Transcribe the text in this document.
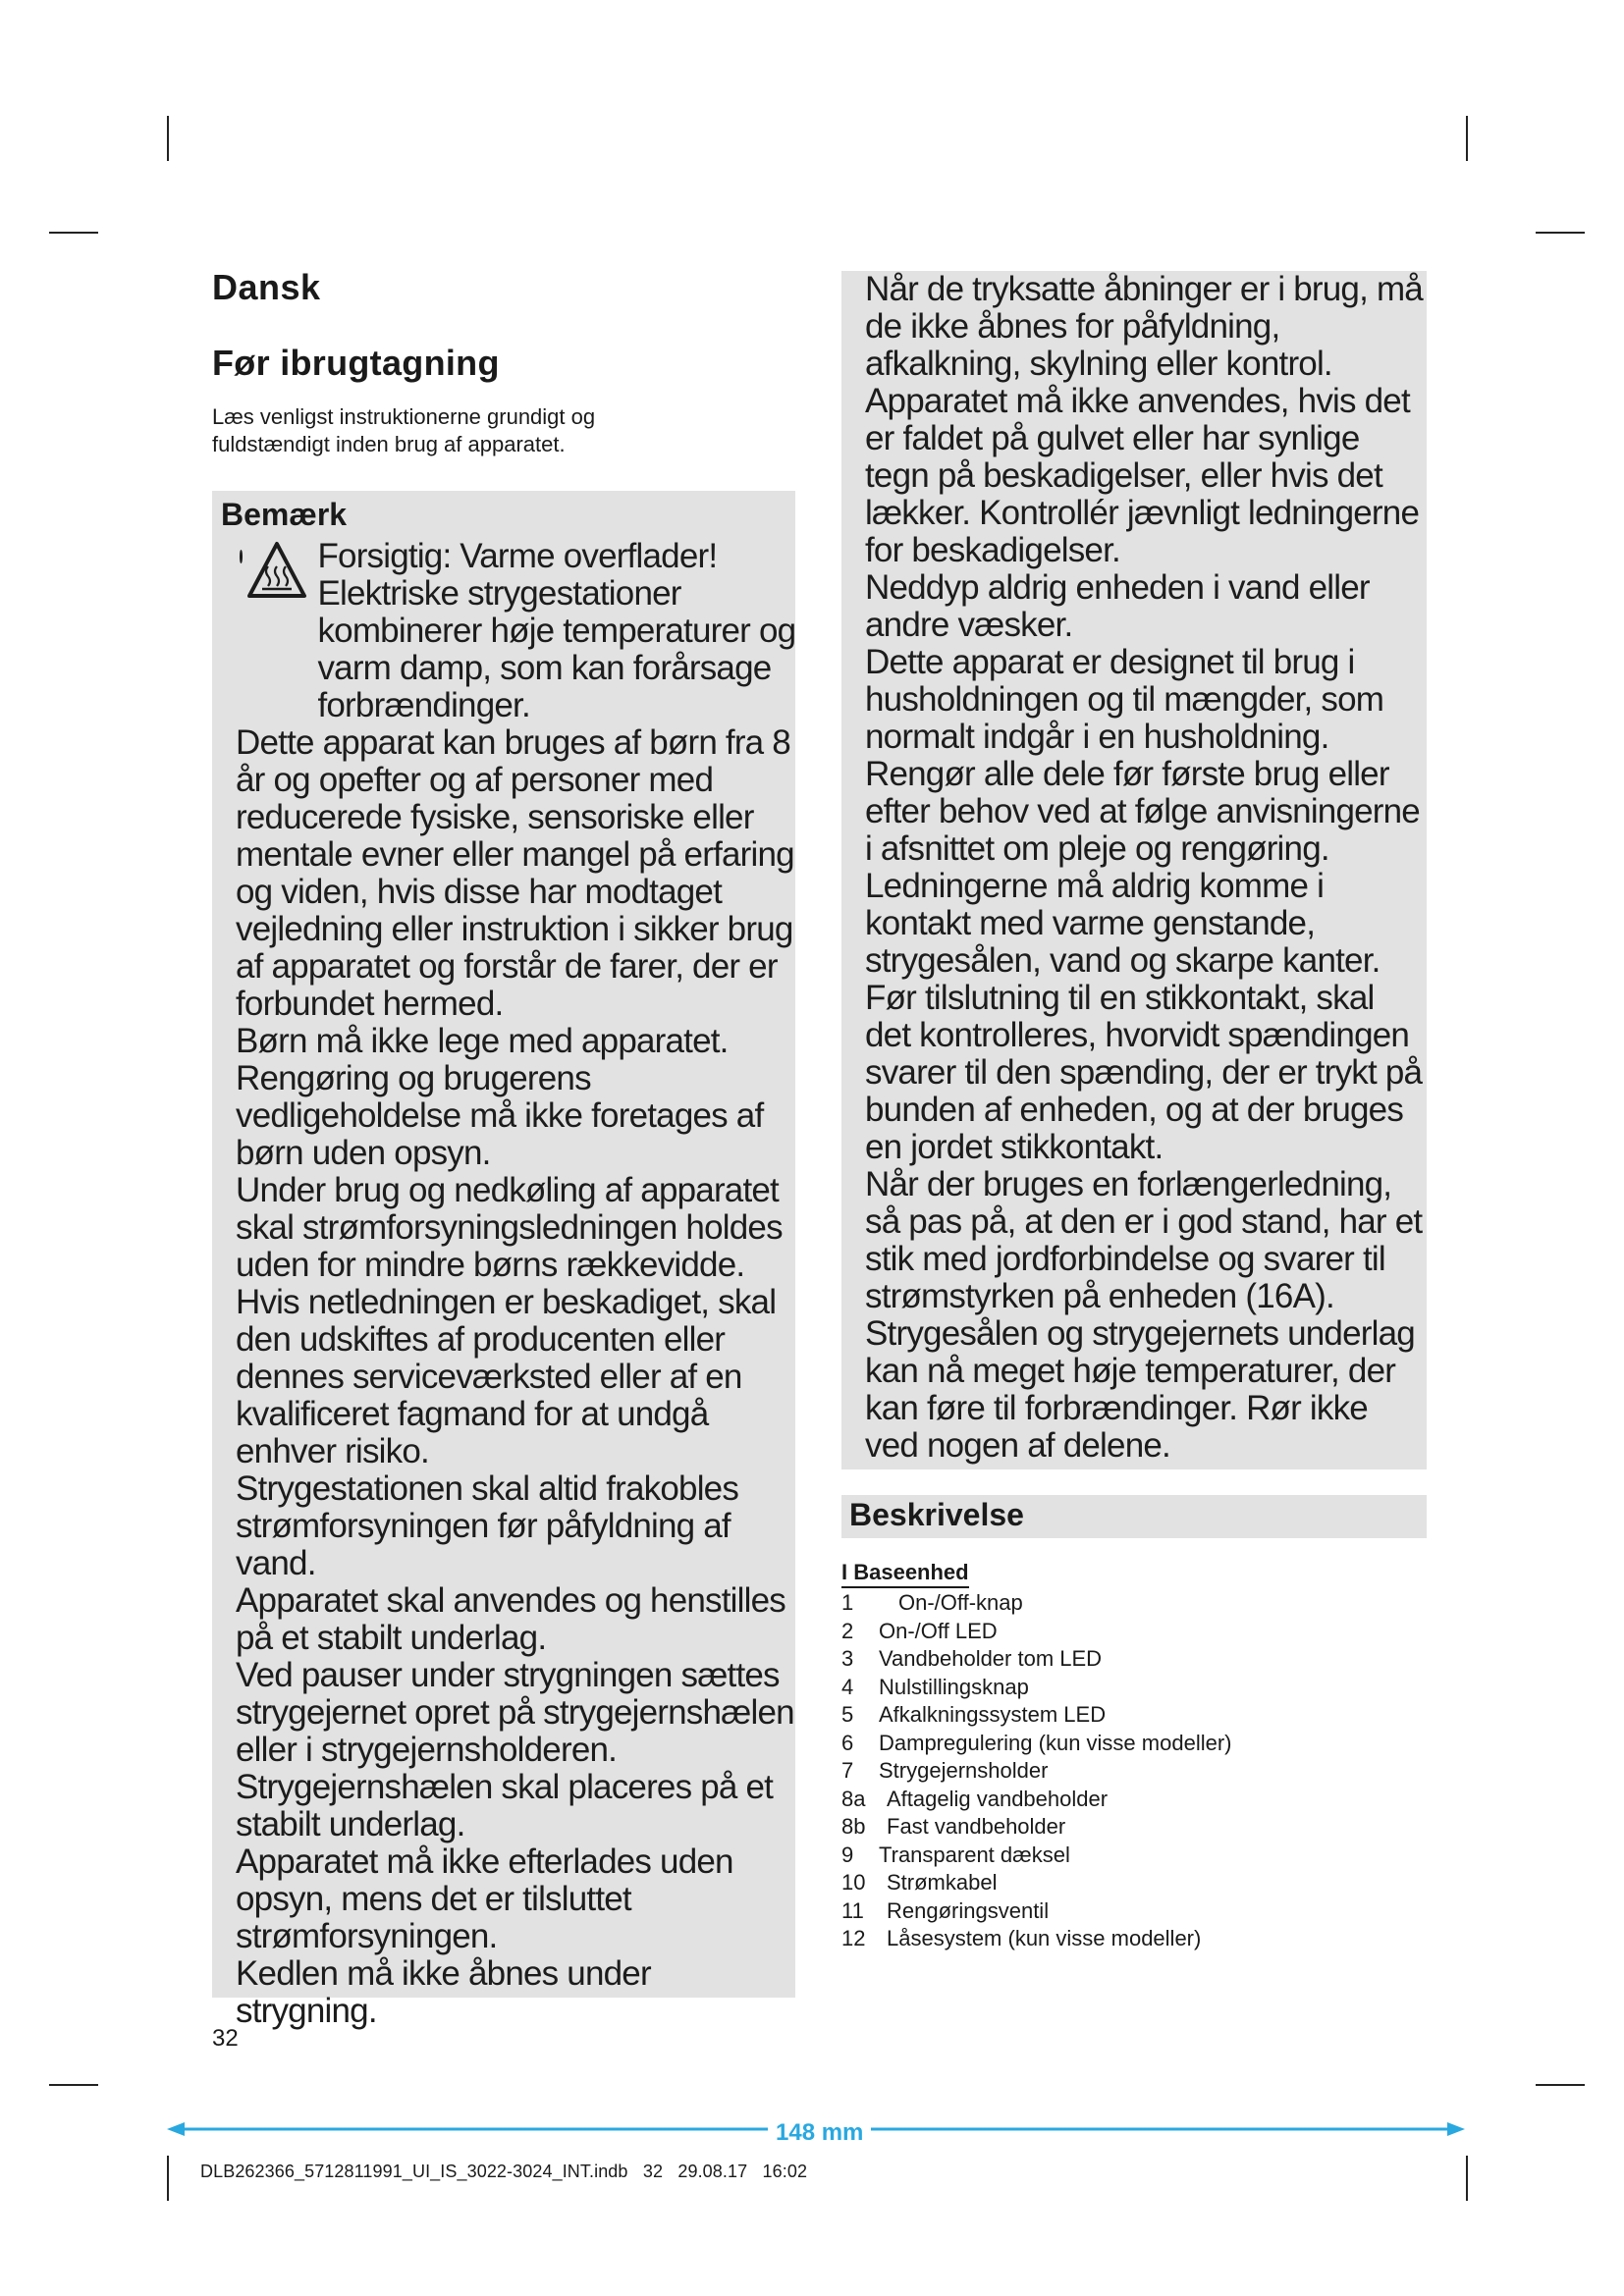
Dansk
Før ibrugtagning

Læs venligst instruktionerne grundigt og fuldstændigt inden brug af apparatet.

Bemærk

Forsigtig: Varme overflader! Elektriske strygestationer kombinerer høje temperaturer og varm damp, som kan forårsage forbrændinger.

Dette apparat kan bruges af børn fra 8 år og opefter og af personer med reducerede fysiske, sensoriske eller mentale evner eller mangel på erfaring og viden, hvis disse har modtaget vejledning eller instruktion i sikker brug af apparatet og forstår de farer, der er forbundet hermed.

Børn må ikke lege med apparatet.

Rengøring og brugerens vedligeholdelse må ikke foretages af børn uden opsyn.

Under brug og nedkøling af apparatet skal strømforsyningsledningen holdes uden for mindre børns rækkevidde.

Hvis netledningen er beskadiget, skal den udskiftes af producenten eller dennes serviceværksted eller af en kvalificeret fagmand for at undgå enhver risiko.

Strygestationen skal altid frakobles strømforsyningen før påfyldning af vand.

Apparatet skal anvendes og henstilles på et stabilt underlag.

Ved pauser under strygningen sættes strygejernet opret på strygejernshælen eller i strygejernsholderen. Strygejernshælen skal placeres på et stabilt underlag.

Apparatet må ikke efterlades uden opsyn, mens det er tilsluttet strømforsyningen.

Kedlen må ikke åbnes under strygning.

Når de tryksatte åbninger er i brug, må de ikke åbnes for påfyldning, afkalkning, skylning eller kontrol.

Apparatet må ikke anvendes, hvis det er faldet på gulvet eller har synlige tegn på beskadigelser, eller hvis det lækker. Kontrollér jævnligt ledningerne for beskadigelser.

Neddyp aldrig enheden i vand eller andre væsker.

Dette apparat er designet til brug i husholdningen og til mængder, som normalt indgår i en husholdning.

Rengør alle dele før første brug eller efter behov ved at følge anvisningerne i afsnittet om pleje og rengøring.

Ledningerne må aldrig komme i kontakt med varme genstande, strygesålen, vand og skarpe kanter.

Før tilslutning til en stikkontakt, skal det kontrolleres, hvorvidt spændingen svarer til den spænding, der er trykt på bunden af enheden, og at der bruges en jordet stikkontakt.

Når der bruges en forlængerledning, så pas på, at den er i god stand, har et stik med jordforbindelse og svarer til strømstyrken på enheden (16A).

Strygesålen og strygejernets underlag kan nå meget høje temperaturer, der kan føre til forbrændinger. Rør ikke ved nogen af delene.

Beskrivelse
I Baseenhed
1	On-/Off-knap
2	On-/Off LED
3	Vandbeholder tom LED
4	Nulstillingsknap
5	Afkalkningssystem LED
6	Dampregulering (kun visse modeller)
7	Strygejernsholder
8a Aftagelig vandbeholder
8b Fast vandbeholder
9	Transparent dæksel
10 Strømkabel
11	Rengøringsventil
12 Låsesystem (kun visse modeller)
32
148 mm
DLB262366_5712811991_UI_IS_3022-3024_INT.indb   32   29.08.17   16:02
